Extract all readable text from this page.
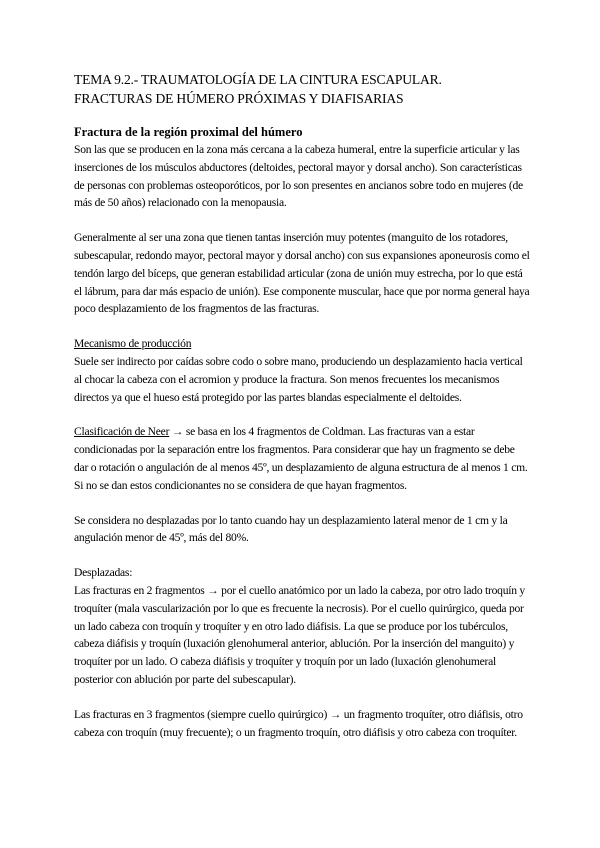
TEMA 9.2.- TRAUMATOLOGÍA DE LA CINTURA ESCAPULAR.
FRACTURAS DE HÚMERO PRÓXIMAS Y DIAFISARIAS
Fractura de la región proximal del húmero

Son las que se producen en la zona más cercana a la cabeza humeral, entre la superficie articular y las inserciones de los músculos abductores (deltoides, pectoral mayor y dorsal ancho). Son características de personas con problemas osteoporóticos, por lo son presentes en ancianos sobre todo en mujeres (de más de 50 años) relacionado con la menopausia.

Generalmente al ser una zona que tienen tantas inserción muy potentes (manguito de los rotadores, subescapular, redondo mayor, pectoral mayor y dorsal ancho) con sus expansiones aponeurosis como el tendón largo del bíceps, que generan estabilidad articular (zona de unión muy estrecha, por lo que está el lábrum, para dar más espacio de unión). Ese componente muscular, hace que por norma general haya poco desplazamiento de los fragmentos de las fracturas.

Mecanismo de producción

Suele ser indirecto por caídas sobre codo o sobre mano, produciendo un desplazamiento hacia vertical al chocar la cabeza con el acromion y produce la fractura. Son menos frecuentes los mecanismos directos ya que el hueso está protegido por las partes blandas especialmente el deltoides.

Clasificación de Neer → se basa en los 4 fragmentos de Coldman. Las fracturas van a estar condicionadas por la separación entre los fragmentos. Para considerar que hay un fragmento se debe dar o rotación o angulación de al menos 45º, un desplazamiento de alguna estructura de al menos 1 cm. Si no se dan estos condicionantes no se considera de que hayan fragmentos.

Se considera no desplazadas por lo tanto cuando hay un desplazamiento lateral menor de 1 cm y la angulación menor de 45º, más del 80%.

Desplazadas:

Las fracturas en 2 fragmentos → por el cuello anatómico por un lado la cabeza, por otro lado troquín y troquíter (mala vascularización por lo que es frecuente la necrosis). Por el cuello quirúrgico, queda por un lado cabeza con troquín y troquíter y en otro lado diáfisis. La que se produce por los tubérculos, cabeza diáfisis y troquín (luxación glenohumeral anterior, ablución. Por la inserción del manguito) y troquíter por un lado. O cabeza diáfisis y troquíter y troquín por un lado (luxación glenohumeral posterior con ablución por parte del subescapular).

Las fracturas en 3 fragmentos (siempre cuello quirúrgico) → un fragmento troquíter, otro diáfisis, otro cabeza con troquín (muy frecuente); o un fragmento troquín, otro diáfisis y otro cabeza con troquíter.
